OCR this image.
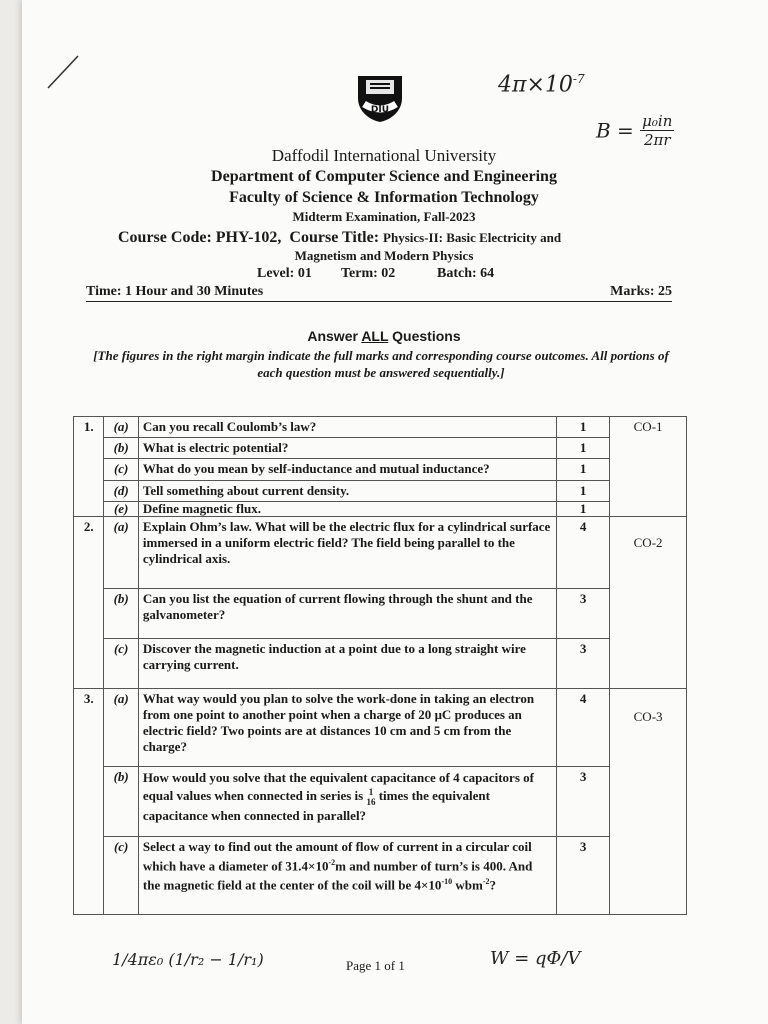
$4\pi\times 10^{-7}$
$B = \frac{\text{μ₀in}}{2\pi r}$
DIU
Daffodil International University
Department of Computer Science and Engineering
Faculty of Science & Information Technology
Midterm Examination, Fall-2023
Course Code: PHY-102, Course Title: Physics-II: Basic Electricity and
Magnetism and Modern Physics
Level: 01 Term: 02	Batch: 64
Time: 1 Hour and 30 Minutes	Marks: 25
Answer ALL Questions
[The figures in the right margin indicate the full marks and corresponding course outcomes. All portions of each question must be answered sequentially.]
1.	(a)	Can you recall Coulomb’s law?	1	CO-1
	(b)	What is electric potential?	1	
	(c)	What do you mean by self-inductance and mutual inductance?	1	
	(d)	Tell something about current density.	1	
	(e)	Define magnetic flux.	1	
2.	(a)	Explain Ohm’s law. What will be the electric flux for a cylindrical surface immersed in a uniform electric field? The field being parallel to the cylindrical axis.	4	CO-2
	(b)	Can you list the equation of current flowing through the shunt and the galvanometer?	3	
	(c)	Discover the magnetic induction at a point due to a long straight wire carrying current.	3	
3.	(a)	What way would you plan to solve the work-done in taking an electron from one point to another point when a charge of 20 μC produces an electric field? Two points are at distances 10 cm and 5 cm from the charge?	4	CO-3
	(b)	How would you solve that the equivalent capacitance of 4 capacitors of equal values when connected in series is 1
16 times the equivalent capacitance when connected in parallel?	3	
	(c)	Select a way to find out the amount of flow of current in a circular coil which have a diameter of $31.4\times 10^{-2}m$ and number of turn’s is 400. And the magnetic field at the center of the coil will be $4\times 10^{-10}$ wbm$^{-2}$?	3	
Page 1 of 1
1/4πε₀ (1/r₂ − 1/r₁)	W = qΦ/V
